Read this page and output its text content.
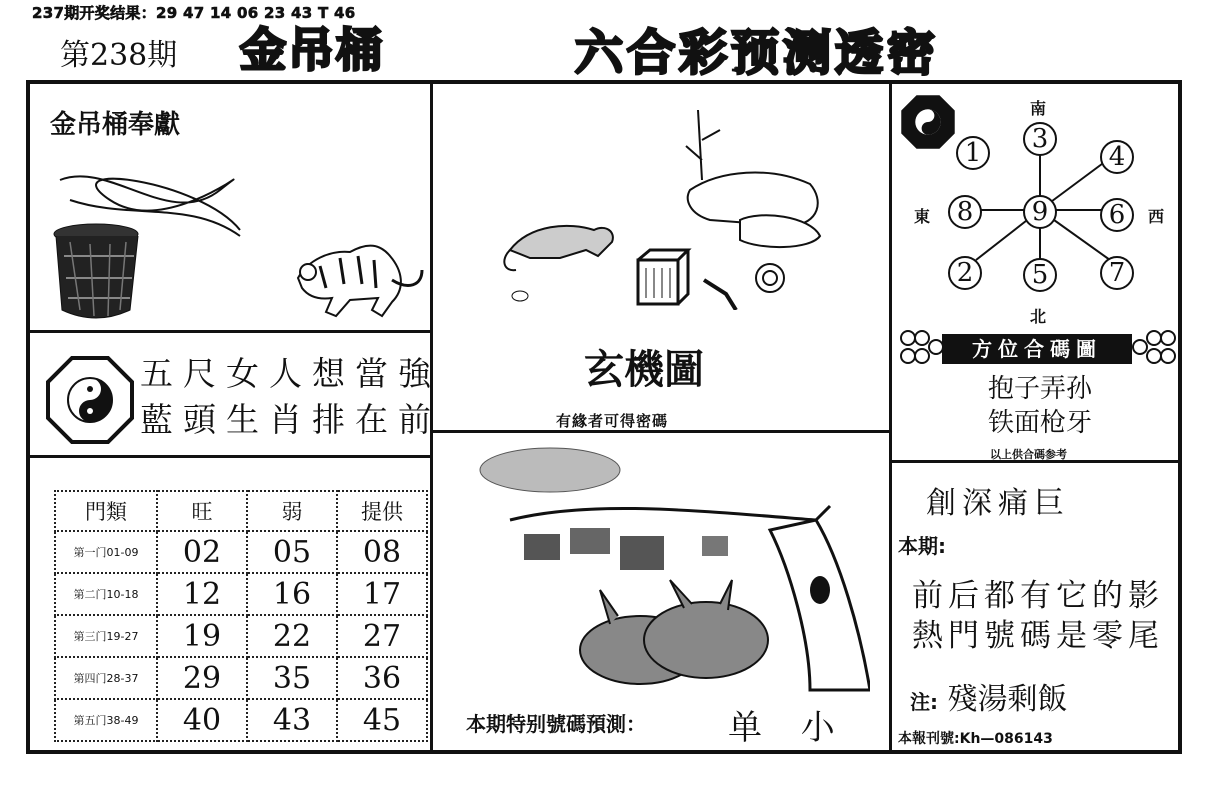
237期开奖结果：29 47 14 06 23 43 T 46
第238期 金吊桶	六合彩预测透密
金吊桶奉獻
五尺女人想當強
藍頭生肖排在前
門類	旺	弱	提供
第一门01-09	02	05	08
第二门10-18	12	16	17
第三门19-27	19	22	27
第四门28-37	29	35	36
第五门38-49	40	43	45
玄機圖
有緣者可得密碼
本期特别號碼預測： 单 小
南
北
東	西
1	3
4
8	9	6
2	5	7
方位合碼圖
抱子弄孙
铁面枪牙
以上供合碼参考
創深痛巨
本期:
前后都有它的影
熱門號碼是零尾
注: 殘湯剩飯
本報刊號:Kh—086143
